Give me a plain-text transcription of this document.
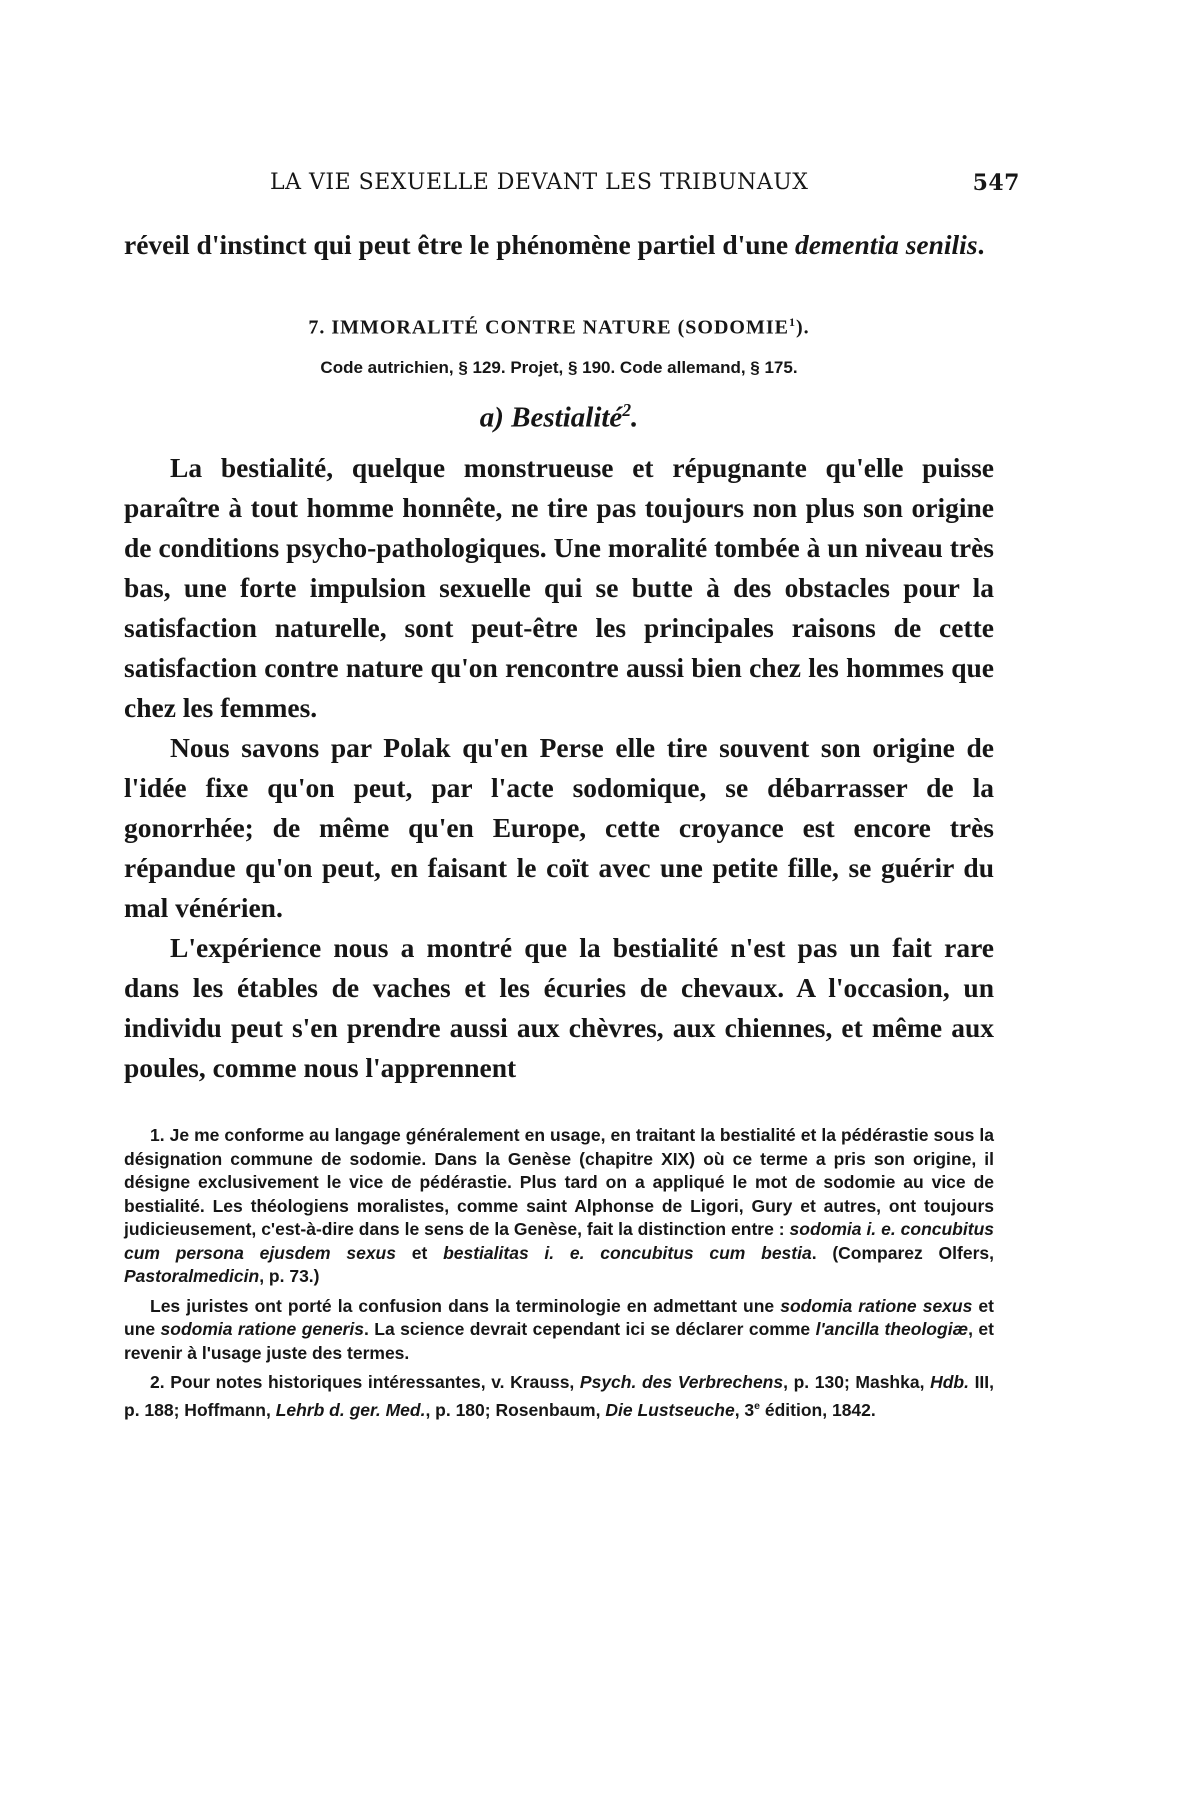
LA VIE SEXUELLE DEVANT LES TRIBUNAUX	547

réveil d'instinct qui peut être le phénomène partiel d'une dementia senilis.

7. IMMORALITÉ CONTRE NATURE (SODOMIE$^1$).

Code autrichien, § 129. Projet, § 190. Code allemand, § 175.

a) Bestialité$^2$.

La bestialité, quelque monstrueuse et répugnante qu'elle puisse paraître à tout homme honnête, ne tire pas toujours non plus son origine de conditions psycho-pathologiques. Une moralité tombée à un niveau très bas, une forte impulsion sexuelle qui se butte à des obstacles pour la satisfaction naturelle, sont peut-être les principales raisons de cette satisfaction contre nature qu'on rencontre aussi bien chez les hommes que chez les femmes.

Nous savons par Polak qu'en Perse elle tire souvent son origine de l'idée fixe qu'on peut, par l'acte sodomique, se débarrasser de la gonorrhée; de même qu'en Europe, cette croyance est encore très répandue qu'on peut, en faisant le coït avec une petite fille, se guérir du mal vénérien.

L'expérience nous a montré que la bestialité n'est pas un fait rare dans les étables de vaches et les écuries de chevaux. A l'occasion, un individu peut s'en prendre aussi aux chèvres, aux chiennes, et même aux poules, comme nous l'apprennent

1. Je me conforme au langage généralement en usage, en traitant la bestialité et la pédérastie sous la désignation commune de sodomie. Dans la Genèse (chapitre XIX) où ce terme a pris son origine, il désigne exclusivement le vice de pédérastie. Plus tard on a appliqué le mot de sodomie au vice de bestialité. Les théologiens moralistes, comme saint Alphonse de Ligori, Gury et autres, ont toujours judicieusement, c'est-à-dire dans le sens de la Genèse, fait la distinction entre : sodomia i. e. concubitus cum persona ejusdem sexus et bestialitas i. e. concubitus cum bestia. (Comparez Olfers, Pastoralmedicin, p. 73.)

Les juristes ont porté la confusion dans la terminologie en admettant une sodomia ratione sexus et une sodomia ratione generis. La science devrait cependant ici se déclarer comme l'ancilla theologiæ, et revenir à l'usage juste des termes.

2. Pour notes historiques intéressantes, v. Krauss, Psych. des Verbrechens, p. 130; Mashka, Hdb. III, p. 188; Hoffmann, Lehrb d. ger. Med., p. 180; Rosenbaum, Die Lustseuche, 3e édition, 1842.
